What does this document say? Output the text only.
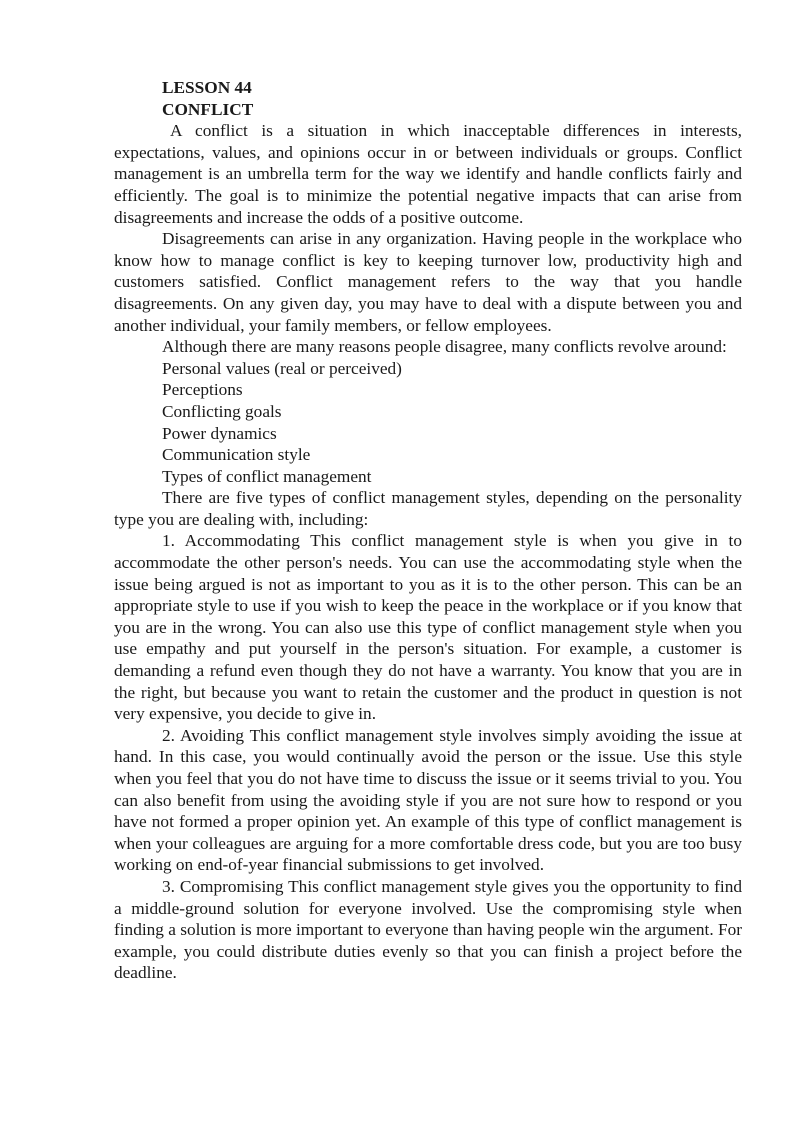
LESSON 44

CONFLICT

A conflict is a situation in which inacceptable differences in interests, expectations, values, and opinions occur in or between individuals or groups. Conflict management is an umbrella term for the way we identify and handle conflicts fairly and efficiently. The goal is to minimize the potential negative impacts that can arise from disagreements and increase the odds of a positive outcome.

Disagreements can arise in any organization. Having people in the workplace who know how to manage conflict is key to keeping turnover low, productivity high and customers satisfied. Conflict management refers to the way that you handle disagreements. On any given day, you may have to deal with a dispute between you and another individual, your family members, or fellow employees.

Although there are many reasons people disagree, many conflicts revolve around:

Personal values (real or perceived)
Perceptions
Conflicting goals
Power dynamics
Communication style
Types of conflict management

There are five types of conflict management styles, depending on the personality type you are dealing with, including:

1. Accommodating This conflict management style is when you give in to accommodate the other person's needs. You can use the accommodating style when the issue being argued is not as important to you as it is to the other person. This can be an appropriate style to use if you wish to keep the peace in the workplace or if you know that you are in the wrong. You can also use this type of conflict management style when you use empathy and put yourself in the person's situation. For example, a customer is demanding a refund even though they do not have a warranty. You know that you are in the right, but because you want to retain the customer and the product in question is not very expensive, you decide to give in.

2. Avoiding This conflict management style involves simply avoiding the issue at hand. In this case, you would continually avoid the person or the issue. Use this style when you feel that you do not have time to discuss the issue or it seems trivial to you. You can also benefit from using the avoiding style if you are not sure how to respond or you have not formed a proper opinion yet. An example of this type of conflict management is when your colleagues are arguing for a more comfortable dress code, but you are too busy working on end-of-year financial submissions to get involved.

3. Compromising This conflict management style gives you the opportunity to find a middle-ground solution for everyone involved. Use the compromising style when finding a solution is more important to everyone than having people win the argument. For example, you could distribute duties evenly so that you can finish a project before the deadline.
